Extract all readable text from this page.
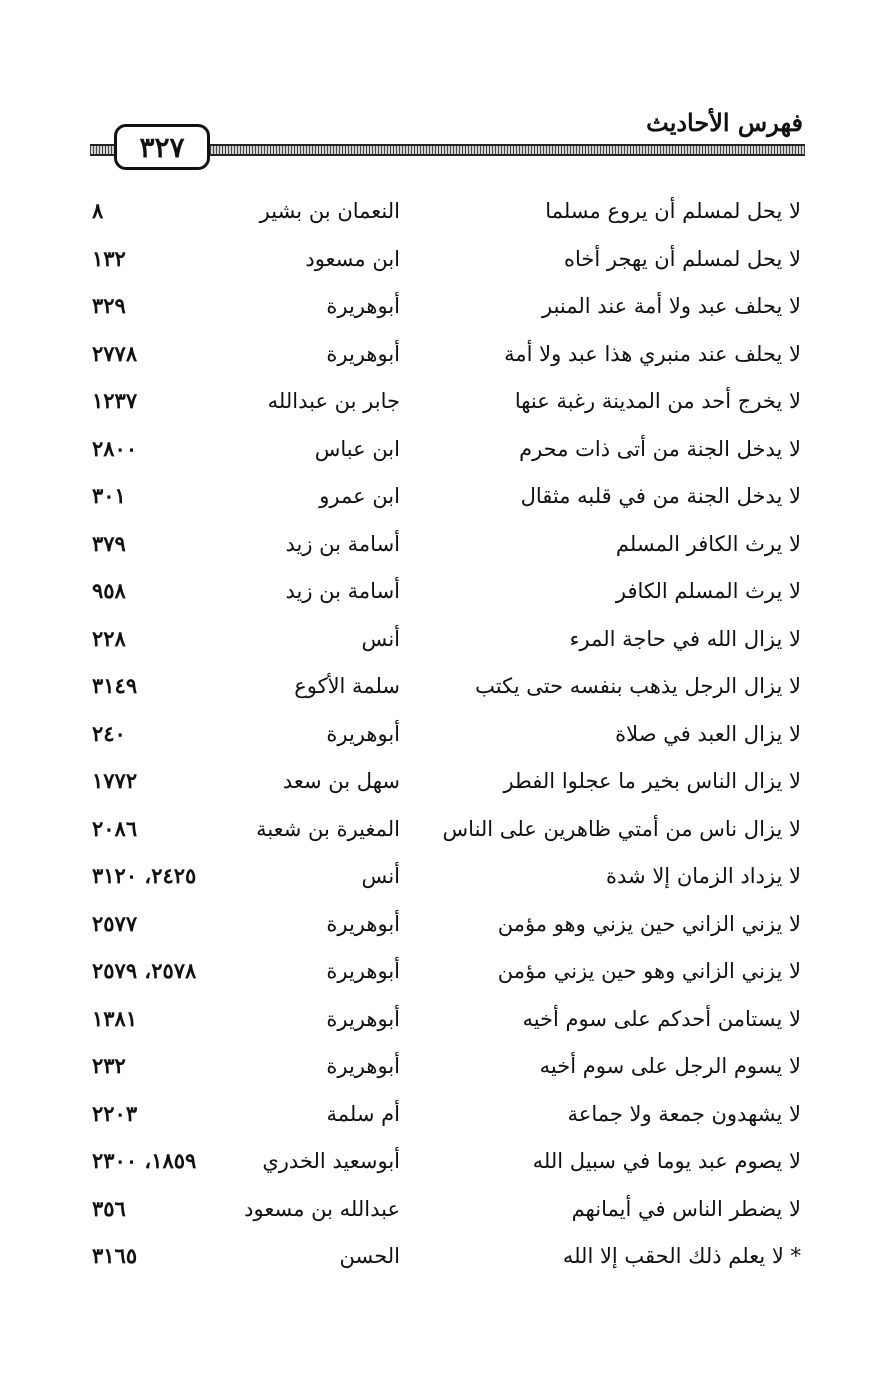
فهرس الأحاديث
٣٢٧
لا يحل لمسلم أن يروع مسلما
النعمان بن بشير
٨
لا يحل لمسلم أن يهجر أخاه
ابن مسعود
١٣٢
لا يحلف عبد ولا أمة عند المنبر
أبوهريرة
٣٢٩
لا يحلف عند منبري هذا عبد ولا أمة
أبوهريرة
٢٧٧٨
لا يخرج أحد من المدينة رغبة عنها
جابر بن عبدالله
١٢٣٧
لا يدخل الجنة من أتى ذات محرم
ابن عباس
٢٨٠٠
لا يدخل الجنة من في قلبه مثقال
ابن عمرو
٣٠١
لا يرث الكافر المسلم
أسامة بن زيد
٣٧٩
لا يرث المسلم الكافر
أسامة بن زيد
٩٥٨
لا يزال الله في حاجة المرء
أنس
٢٢٨
لا يزال الرجل يذهب بنفسه حتى يكتب
سلمة الأكوع
٣١٤٩
لا يزال العبد في صلاة
أبوهريرة
٢٤٠
لا يزال الناس بخير ما عجلوا الفطر
سهل بن سعد
١٧٧٢
لا يزال ناس من أمتي ظاهرين على الناس
المغيرة بن شعبة
٢٠٨٦
لا يزداد الزمان إلا شدة
أنس
٢٤٢٥، ٣١٢٠
لا يزني الزاني حين يزني وهو مؤمن
أبوهريرة
٢٥٧٧
لا يزني الزاني وهو حين يزني مؤمن
أبوهريرة
٢٥٧٨، ٢٥٧٩
لا يستامن أحدكم على سوم أخيه
أبوهريرة
١٣٨١
لا يسوم الرجل على سوم أخيه
أبوهريرة
٢٣٢
لا يشهدون جمعة ولا جماعة
أم سلمة
٢٢٠٣
لا يصوم عبد يوما في سبيل الله
أبوسعيد الخدري
١٨٥٩، ٢٣٠٠
لا يضطر الناس في أيمانهم
عبدالله بن مسعود
٣٥٦
* لا يعلم ذلك الحقب إلا الله
الحسن
٣١٦٥
